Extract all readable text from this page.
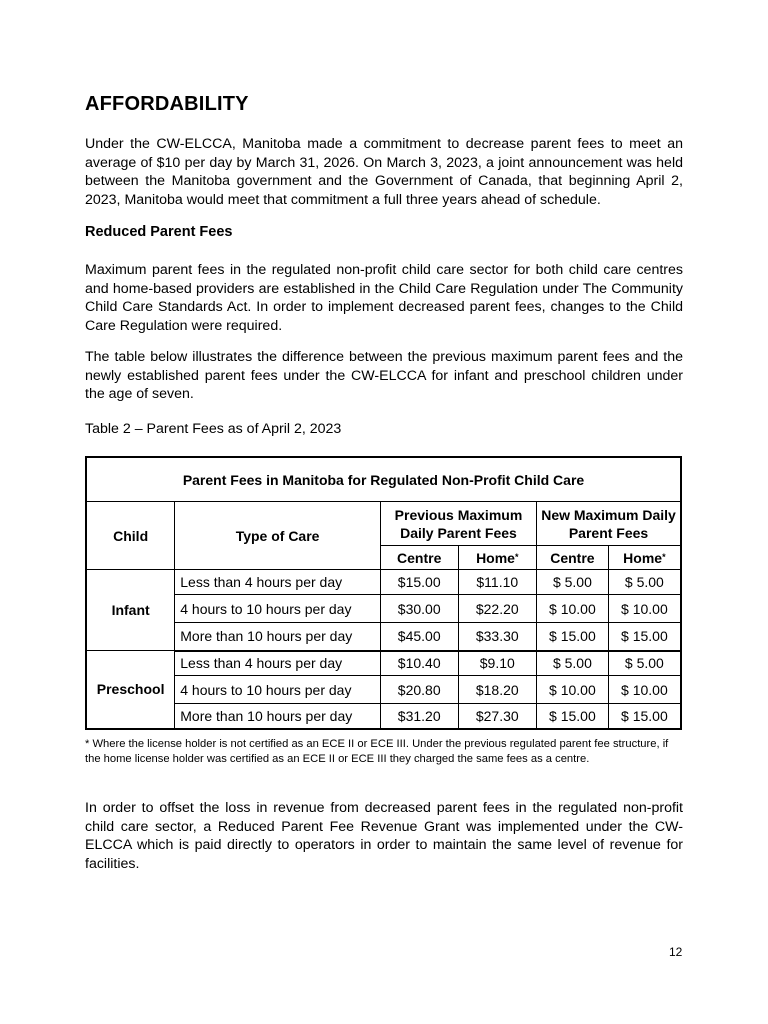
AFFORDABILITY
Under the CW-ELCCA, Manitoba made a commitment to decrease parent fees to meet an average of $10 per day by March 31, 2026. On March 3, 2023, a joint announcement was held between the Manitoba government and the Government of Canada, that beginning April 2, 2023, Manitoba would meet that commitment a full three years ahead of schedule.
Reduced Parent Fees
Maximum parent fees in the regulated non-profit child care sector for both child care centres and home-based providers are established in the Child Care Regulation under The Community Child Care Standards Act. In order to implement decreased parent fees, changes to the Child Care Regulation were required.
The table below illustrates the difference between the previous maximum parent fees and the newly established parent fees under the CW-ELCCA for infant and preschool children under the age of seven.
Table 2 – Parent Fees as of April 2, 2023
Parent Fees in Manitoba for Regulated Non-Profit Child Care					
Child	Type of Care	Previous Maximum Daily Parent Fees		New Maximum Daily Parent Fees	
		Centre	Home*	Centre	Home*
Infant	Less than 4 hours per day	$15.00	$11.10	$ 5.00	$ 5.00
	4 hours to 10 hours per day	$30.00	$22.20	$ 10.00	$ 10.00
	More than 10 hours per day	$45.00	$33.30	$ 15.00	$ 15.00
Preschool	Less than 4 hours per day	$10.40	$9.10	$ 5.00	$ 5.00
	4 hours to 10 hours per day	$20.80	$18.20	$ 10.00	$ 10.00
	More than 10 hours per day	$31.20	$27.30	$ 15.00	$ 15.00
* Where the license holder is not certified as an ECE II or ECE III. Under the previous regulated parent fee structure, if the home license holder was certified as an ECE II or ECE III they charged the same fees as a centre.
In order to offset the loss in revenue from decreased parent fees in the regulated non-profit child care sector, a Reduced Parent Fee Revenue Grant was implemented under the CW-ELCCA which is paid directly to operators in order to maintain the same level of revenue for facilities.
12
